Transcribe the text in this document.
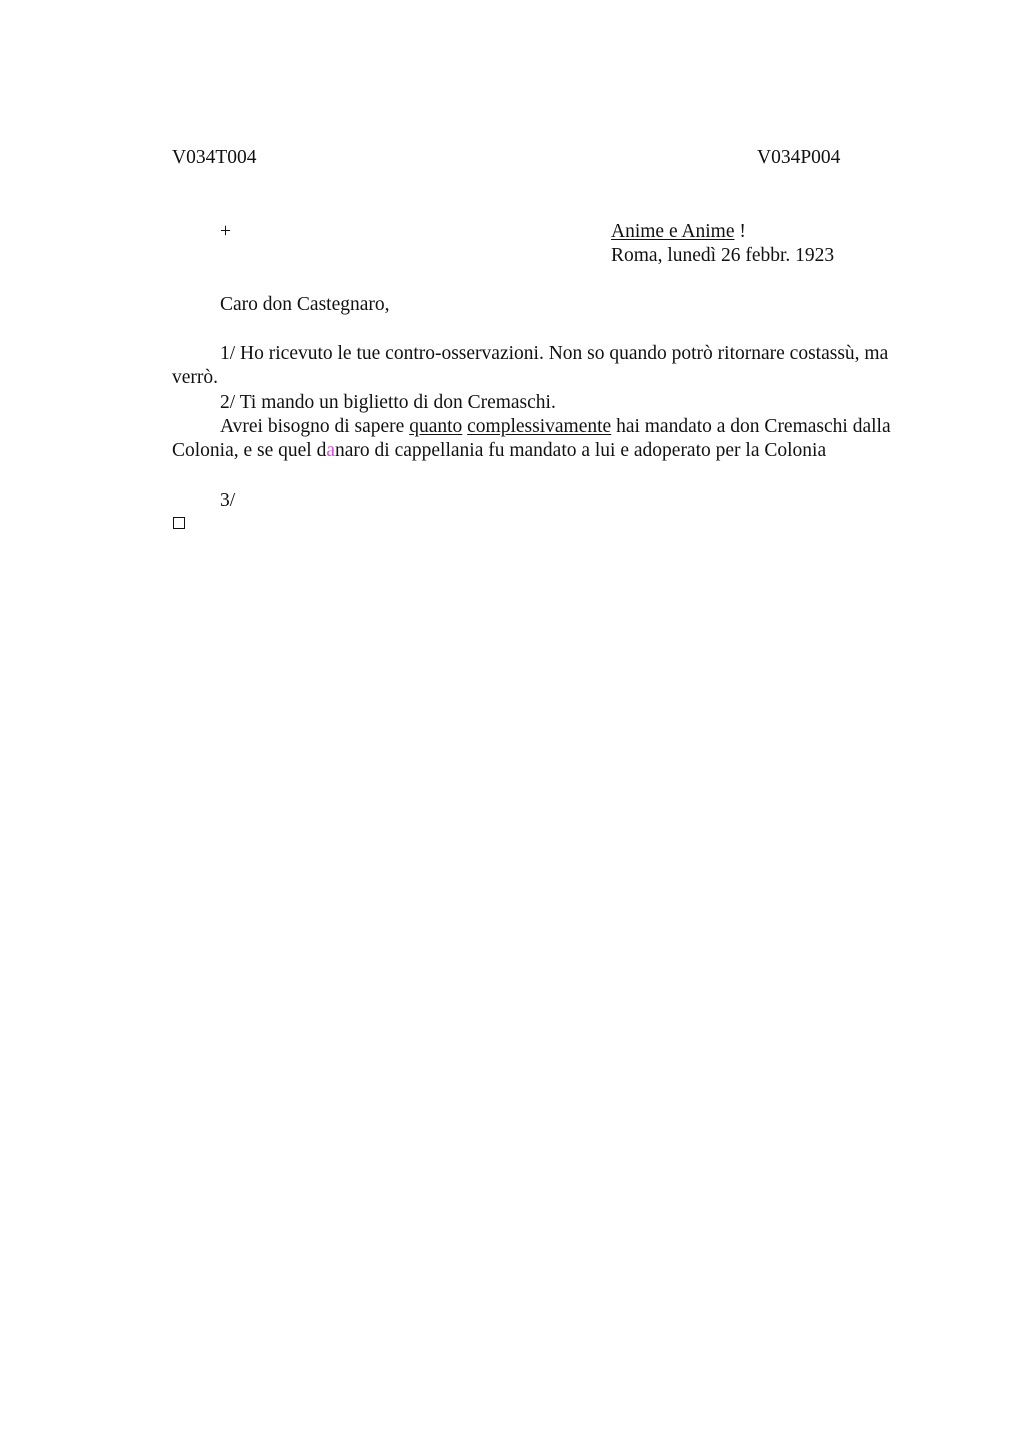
V034T004	V034P004
+	Anime e Anime !
Roma, lunedì 26 febbr. 1923
Caro don Castegnaro,
1/ Ho ricevuto le tue contro-osservazioni. Non so quando potrò ritornare costassù, ma verrò.
2/ Ti mando un biglietto di don Cremaschi.
Avrei bisogno di sapere quanto complessivamente hai mandato a don Cremaschi dalla Colonia, e se quel danaro di cappellania fu mandato a lui e adoperato per la Colonia
3/
